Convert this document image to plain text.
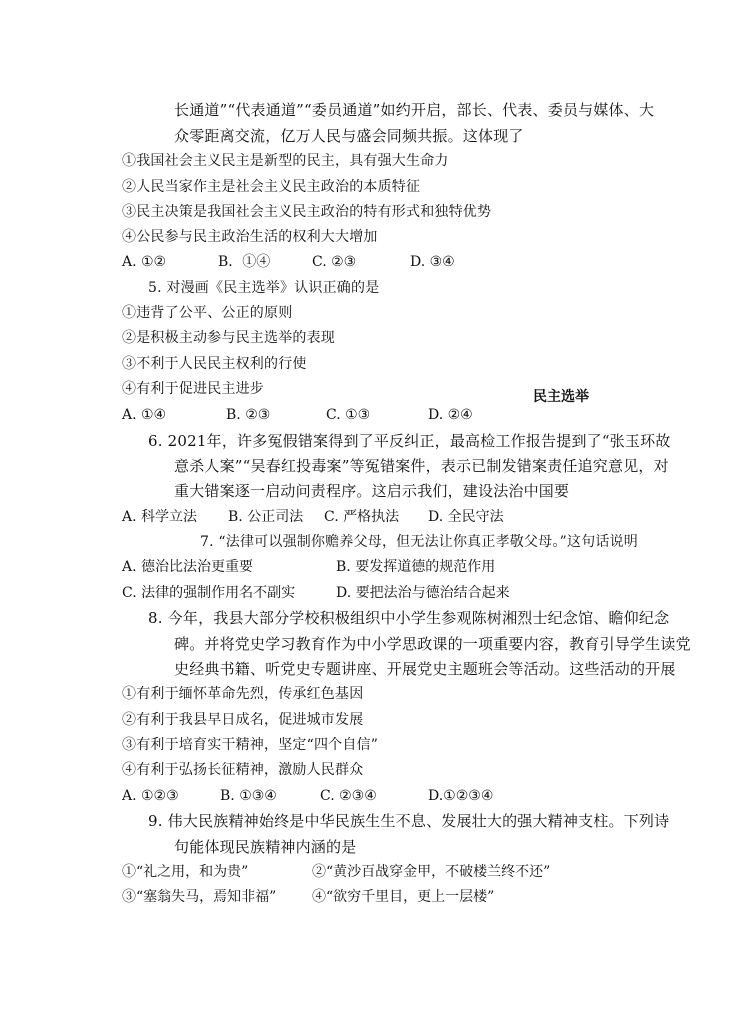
长通道”“代表通道”“委员通道”如约开启，部长、代表、委员与媒体、大
众零距离交流，亿万人民与盛会同频共振。这体现了
①我国社会主义民主是新型的民主，具有强大生命力
②人民当家作主是社会主义民主政治的本质特征
③民主决策是我国社会主义民主政治的特有形式和独特优势
④公民参与民主政治生活的权利大大增加
A. ①②	B．①④	C. ②③	D. ③④
5. 对漫画《民主选举》认识正确的是
①违背了公平、公正的原则
②是积极主动参与民主选举的表现
③不利于人民民主权利的行使
④有利于促进民主进步	民主选举
A. ①④	B. ②③	C. ①③	D. ②④
6. 2021年，许多冤假错案得到了平反纠正，最高检工作报告提到了“张玉环故
意杀人案”“吴春红投毒案”等冤错案件，表示已制发错案责任追究意见，对
重大错案逐一启动问责程序。这启示我们，建设法治中国要
A. 科学立法 B. 公正司法 C. 严格执法 D. 全民守法
7. “法律可以强制你赡养父母，但无法让你真正孝敬父母。”这句话说明
A. 德治比法治更重要	B. 要发挥道德的规范作用
C. 法律的强制作用名不副实	D. 要把法治与德治结合起来
8. 今年，我县大部分学校积极组织中小学生参观陈树湘烈士纪念馆、瞻仰纪念
碑。并将党史学习教育作为中小学思政课的一项重要内容，教育引导学生读党
史经典书籍、听党史专题讲座、开展党史主题班会等活动。这些活动的开展
①有利于缅怀革命先烈，传承红色基因
②有利于我县早日成名，促进城市发展
③有利于培育实干精神，坚定“四个自信”
④有利于弘扬长征精神，激励人民群众
A. ①②③	B. ①③④	C. ②③④	D.①②③④
9. 伟大民族精神始终是中华民族生生不息、发展壮大的强大精神支柱。下列诗
句能体现民族精神内涵的是
①“礼之用，和为贵”	②“黄沙百战穿金甲，不破楼兰终不还”
③“塞翁失马，焉知非福”	④“欲穷千里目，更上一层楼”
